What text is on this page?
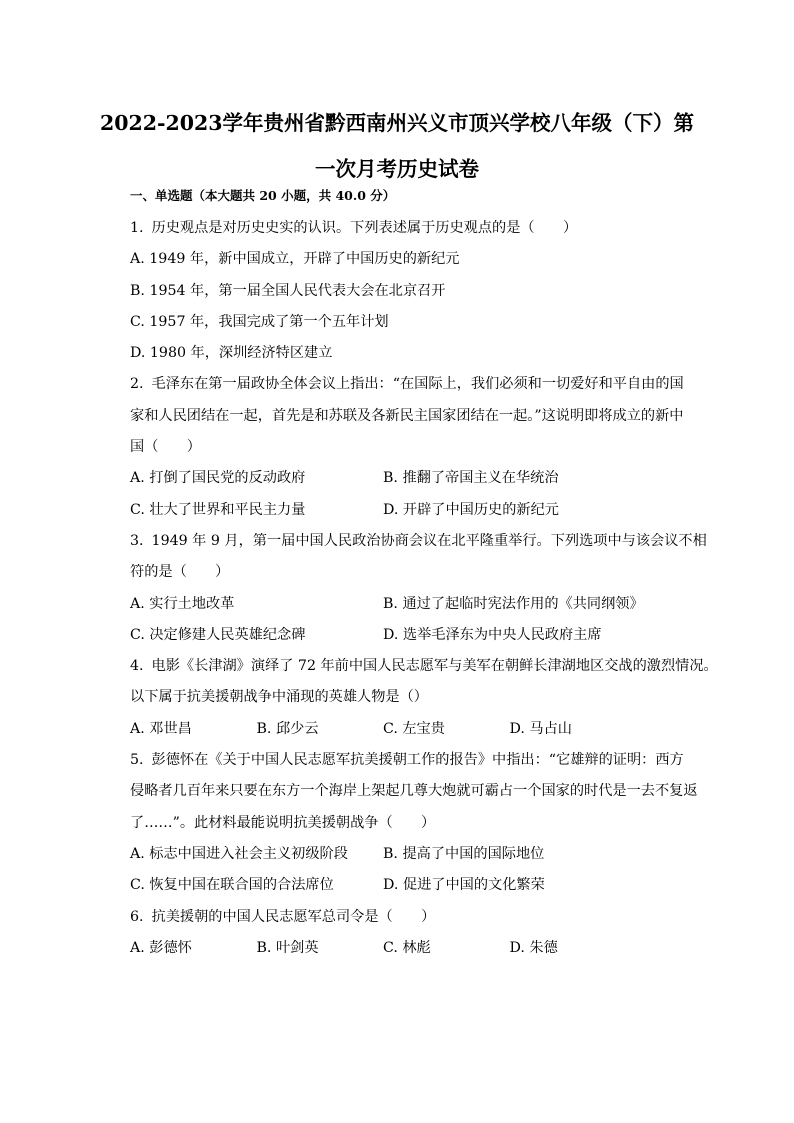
2022-2023学年贵州省黔西南州兴义市顶兴学校八年级（下）第
一次月考历史试卷
一、单选题（本大题共 20 小题，共 40.0 分）
1. 历史观点是对历史史实的认识。下列表述属于历史观点的是（　　）
A. 1949 年，新中国成立，开辟了中国历史的新纪元
B. 1954 年，第一届全国人民代表大会在北京召开
C. 1957 年，我国完成了第一个五年计划
D. 1980 年，深圳经济特区建立
2. 毛泽东在第一届政协全体会议上指出：“在国际上，我们必须和一切爱好和平自由的国
家和人民团结在一起，首先是和苏联及各新民主国家团结在一起。”这说明即将成立的新中
国（　　）
A. 打倒了国民党的反动政府	B. 推翻了帝国主义在华统治
C. 壮大了世界和平民主力量	D. 开辟了中国历史的新纪元
3. 1949 年 9 月，第一届中国人民政治协商会议在北平隆重举行。下列选项中与该会议不相
符的是（　　）
A. 实行土地改革	B. 通过了起临时宪法作用的《共同纲领》
C. 决定修建人民英雄纪念碑	D. 选举毛泽东为中央人民政府主席
4. 电影《长津湖》演绎了 72 年前中国人民志愿军与美军在朝鲜长津湖地区交战的激烈情况。
以下属于抗美援朝战争中涌现的英雄人物是（）
A. 邓世昌	B. 邱少云	C. 左宝贵	D. 马占山
5. 彭德怀在《关于中国人民志愿军抗美援朝工作的报告》中指出：“它雄辩的证明：西方
侵略者几百年来只要在东方一个海岸上架起几尊大炮就可霸占一个国家的时代是一去不复返
了……”。此材料最能说明抗美援朝战争（　　）
A. 标志中国进入社会主义初级阶段	B. 提高了中国的国际地位
C. 恢复中国在联合国的合法席位	D. 促进了中国的文化繁荣
6. 抗美援朝的中国人民志愿军总司令是（　　）
A. 彭德怀	B. 叶剑英	C. 林彪	D. 朱德
